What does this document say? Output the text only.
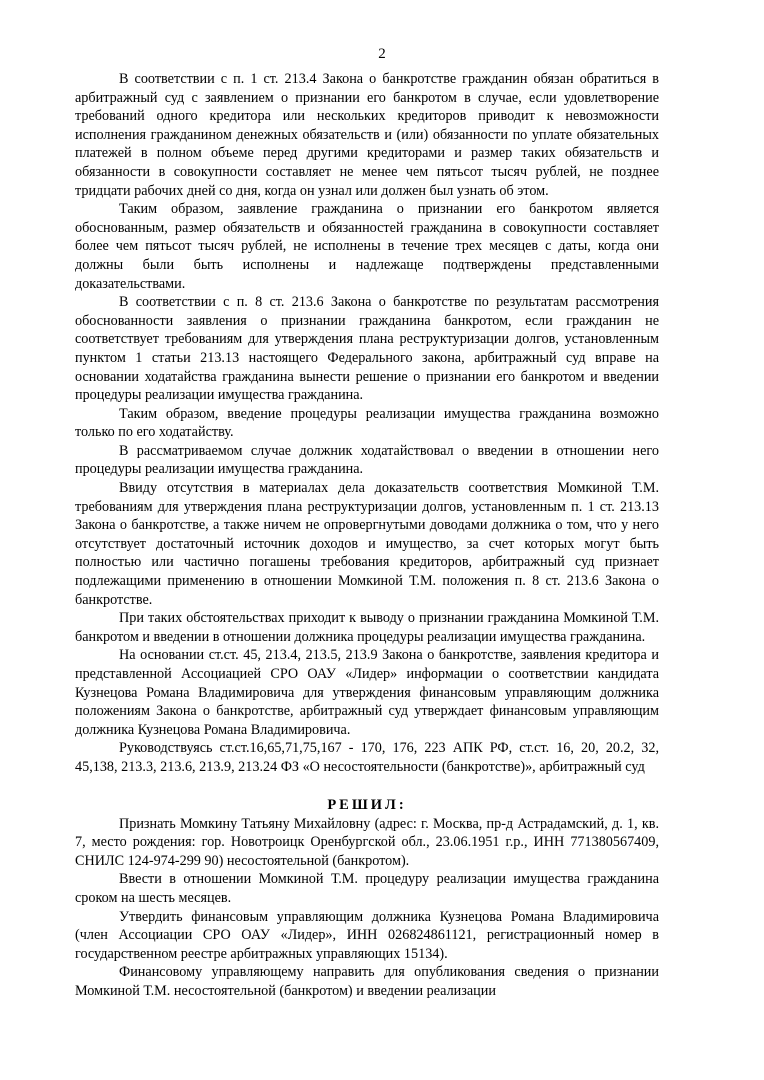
2

В соответствии с п. 1 ст. 213.4 Закона о банкротстве гражданин обязан обратиться в арбитражный суд с заявлением о признании его банкротом в случае, если удовлетворение требований одного кредитора или нескольких кредиторов приводит к невозможности исполнения гражданином денежных обязательств и (или) обязанности по уплате обязательных платежей в полном объеме перед другими кредиторами и размер таких обязательств и обязанности в совокупности составляет не менее чем пятьсот тысяч рублей, не позднее тридцати рабочих дней со дня, когда он узнал или должен был узнать об этом.

Таким образом, заявление гражданина о признании его банкротом является обоснованным, размер обязательств и обязанностей гражданина в совокупности составляет более чем пятьсот тысяч рублей, не исполнены в течение трех месяцев с даты, когда они должны были быть исполнены и надлежаще подтверждены представленными доказательствами.

В соответствии с п. 8 ст. 213.6 Закона о банкротстве по результатам рассмотрения обоснованности заявления о признании гражданина банкротом, если гражданин не соответствует требованиям для утверждения плана реструктуризации долгов, установленным пунктом 1 статьи 213.13 настоящего Федерального закона, арбитражный суд вправе на основании ходатайства гражданина вынести решение о признании его банкротом и введении процедуры реализации имущества гражданина.

Таким образом, введение процедуры реализации имущества гражданина возможно только по его ходатайству.

В рассматриваемом случае должник ходатайствовал о введении в отношении него процедуры реализации имущества гражданина.

Ввиду отсутствия в материалах дела доказательств соответствия Момкиной Т.М. требованиям для утверждения плана реструктуризации долгов, установленным п. 1 ст. 213.13 Закона о банкротстве, а также ничем не опровергнутыми доводами должника о том, что у него отсутствует достаточный источник доходов и имущество, за счет которых могут быть полностью или частично погашены требования кредиторов, арбитражный суд признает подлежащими применению в отношении Момкиной Т.М. положения п. 8 ст. 213.6 Закона о банкротстве.

При таких обстоятельствах приходит к выводу о признании гражданина Момкиной Т.М. банкротом и введении в отношении должника процедуры реализации имущества гражданина.

На основании ст.ст. 45, 213.4, 213.5, 213.9 Закона о банкротстве, заявления кредитора и представленной Ассоциацией СРО ОАУ «Лидер» информации о соответствии кандидата Кузнецова Романа Владимировича для утверждения финансовым управляющим должника положениям Закона о банкротстве, арбитражный суд утверждает финансовым управляющим должника Кузнецова Романа Владимировича.

Руководствуясь ст.ст.16,65,71,75,167 - 170, 176, 223 АПК РФ, ст.ст. 16, 20, 20.2, 32, 45,138, 213.3, 213.6, 213.9, 213.24 ФЗ «О несостоятельности (банкротстве)», арбитражный суд

РЕШИЛ:

Признать Момкину Татьяну Михайловну (адрес: г. Москва, пр-д Астрадамский, д. 1, кв. 7, место рождения: гор. Новотроицк Оренбургской обл., 23.06.1951 г.р., ИНН 771380567409, СНИЛС 124-974-299 90) несостоятельной (банкротом).

Ввести в отношении Момкиной Т.М. процедуру реализации имущества гражданина сроком на шесть месяцев.

Утвердить финансовым управляющим должника Кузнецова Романа Владимировича (член Ассоциации СРО ОАУ «Лидер», ИНН 026824861121, регистрационный номер в государственном реестре арбитражных управляющих 15134).

Финансовому управляющему направить для опубликования сведения о признании Момкиной Т.М. несостоятельной (банкротом) и введении реализации
